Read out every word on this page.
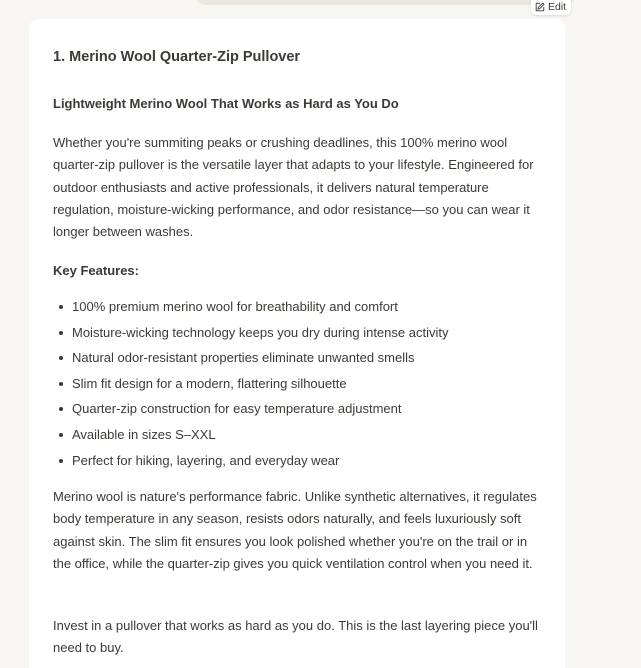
Edit
1. Merino Wool Quarter-Zip Pullover
Lightweight Merino Wool That Works as Hard as You Do

Whether you're summiting peaks or crushing deadlines, this 100% merino wool quarter-zip pullover is the versatile layer that adapts to your lifestyle. Engineered for outdoor enthusiasts and active professionals, it delivers natural temperature regulation, moisture-wicking performance, and odor resistance—so you can wear it longer between washes.

Key Features:
100% premium merino wool for breathability and comfort
Moisture-wicking technology keeps you dry during intense activity
Natural odor-resistant properties eliminate unwanted smells
Slim fit design for a modern, flattering silhouette
Quarter-zip construction for easy temperature adjustment
Available in sizes S–XXL
Perfect for hiking, layering, and everyday wear

Merino wool is nature's performance fabric. Unlike synthetic alternatives, it regulates body temperature in any season, resists odors naturally, and feels luxuriously soft against skin. The slim fit ensures you look polished whether you're on the trail or in the office, while the quarter-zip gives you quick ventilation control when you need it.

Invest in a pullover that works as hard as you do. This is the last layering piece you'll need to buy.
